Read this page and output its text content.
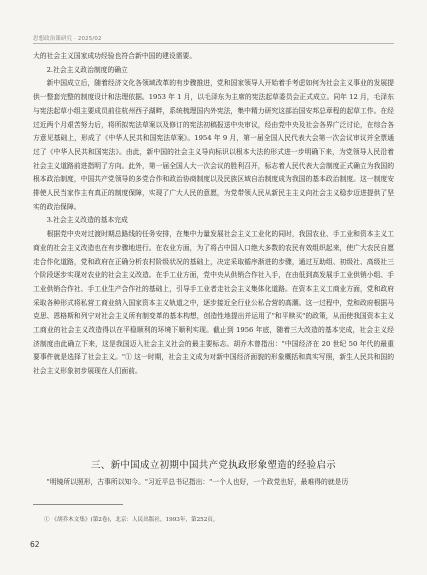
思想政治课研究 · 2025/02

大的社会主义国家成功经验也符合新中国的建设需要。

2.社会主义政治制度的确立

新中国成立后，随着经济文化各领域改革的有步骤推进，党和国家领导人开始着手考虑如何为社会主义事业的发展提供一整套完整的制度设计和法理依据。1953 年 1 月，以毛泽东为主席的宪法起草委员会正式成立。同年 12 月，毛泽东与宪法起草小组主要成员前往杭州西子湖畔，系统梳理国内外宪法，集中精力研究这部治国安邦总章程的起草工作。在经过近两个月艰苦努力后，将所拟宪法草案以及修订的宪法初稿报送中央审议，经由党中央及社会各界广泛讨论，在综合各方意见基础上，形成了《中华人民共和国宪法草案》。1954 年 9 月，第一届全国人民代表大会第一次会议审议并全票通过了《中华人民共和国宪法》。由此，新中国的社会主义导向标识以根本大法的形式进一步明确下来，为党领导人民沿着社会主义道路前进指明了方向。此外，第一届全国人大一次会议的胜利召开，标志着人民代表大会制度正式确立为我国的根本政治制度，中国共产党领导的多党合作和政治协商制度以及民族区域自治制度成为我国的基本政治制度。这一制度安排使人民当家作主有真正的制度保障，实现了广大人民的意愿，为党带领人民从新民主主义向社会主义稳步迈进提供了坚实的政治保障。

3.社会主义改造的基本完成

根据党中央对过渡时期总路线的任务安排，在集中力量发展社会主义工业化的同时，我国农业、手工业和资本主义工商业的社会主义改造也在有步骤地进行。在农业方面，为了将占中国人口绝大多数的农民有效组织起来，使广大农民自愿走合作化道路，党和政府在正确分析农村阶级状况的基础上，决定采取循序渐进的步骤，通过互助组、初级社、高级社三个阶段逐步实现对农业的社会主义改造。在手工业方面，党中央从供销合作社入手，在由低到高发展手工业供销小组、手工业供销合作社、手工业生产合作社的基础上，引导手工业者走社会主义集体化道路。在资本主义工商业方面，党和政府采取各种形式将私营工商业纳入国家资本主义轨道之中，逐步接近全行业公私合营的高潮。这一过程中，党和政府根据马克思、恩格斯和列宁对社会主义所有制变革的基本构想，创造性地提出并运用了"和平赎买"的政策，从而使我国资本主义工商业的社会主义改造得以在平稳顺利的环境下顺利实现。截止到 1956 年底，随着三大改造的基本完成，社会主义经济制度由此确立下来，这是我国迈入社会主义社会的最主要标志。胡乔木曾指出："中国经济在 20 世纪 50 年代的最重要事件就是选择了社会主义。"① 这一时期，社会主义成为对新中国经济面貌的形象概括和真实写照，新生人民共和国的社会主义形象初步展现在人们面前。

三、新中国成立初期中国共产党执政形象塑造的经验启示
"明镜所以照形，古事所以知今。"习近平总书记指出："一个人也好，一个政党也好，最难得的就是历
① 《胡乔木文集》(第2卷)，北京：人民出版社，1993年，第252页。
62
